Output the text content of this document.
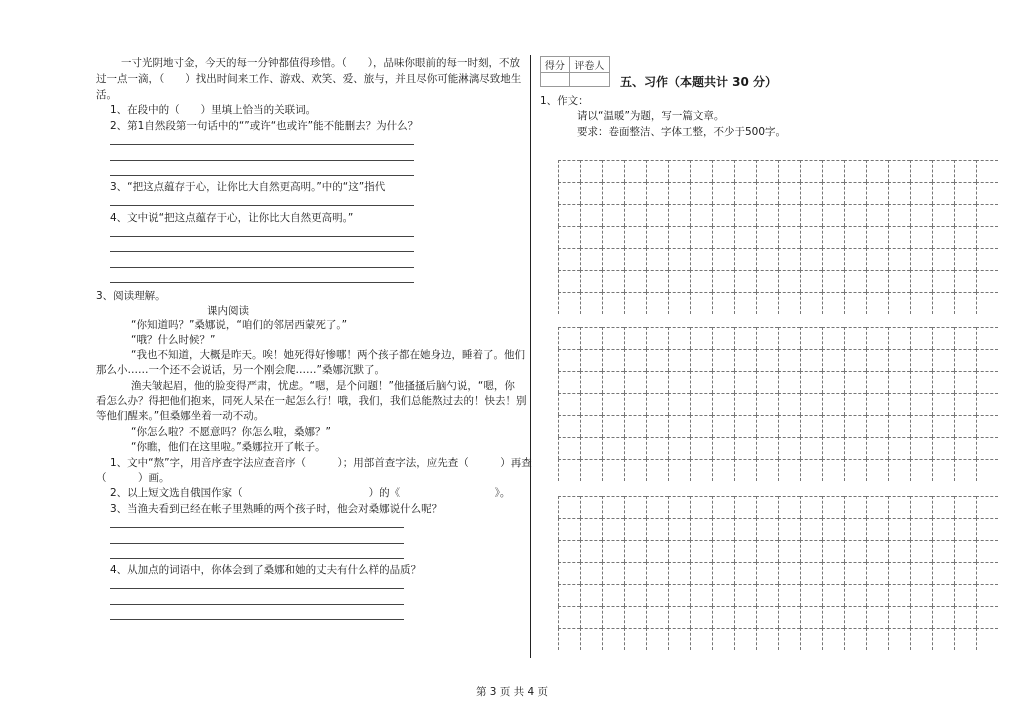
一寸光阴地寸金，今天的每一分钟都值得珍惜。（　　），品味你眼前的每一时刻，不放
过一点一滴，（　　）找出时间来工作、游戏、欢笑、爱、旅与，并且尽你可能淋漓尽致地生
活。
1、在段中的（　　）里填上恰当的关联词。
2、第1自然段第一句话中的“”或许“也或许”能不能删去？为什么？
3、“把这点蕴存于心，让你比大自然更高明。”中的“这”指代
4、文中说“把这点蕴存于心，让你比大自然更高明。”
3、阅读理解。
课内阅读
“你知道吗？”桑娜说，“咱们的邻居西蒙死了。”
“哦？什么时候？”
“我也不知道，大概是昨天。唉！她死得好惨哪！两个孩子都在她身边，睡着了。他们
那么小……一个还不会说话，另一个刚会爬……”桑娜沉默了。
渔夫皱起眉，他的脸变得严肃，忧虑。“嗯，是个问题！”他搔搔后脑勺说，“嗯，你
看怎么办？得把他们抱来，同死人呆在一起怎么行！哦，我们，我们总能熬过去的！快去！别
等他们醒来。”但桑娜坐着一动不动。
“你怎么啦？不愿意吗？你怎么啦，桑娜？”
“你瞧，他们在这里啦。”桑娜拉开了帐子。
1、文中“熬”字，用音序查字法应查音序（　　　）；用部首查字法，应先查（　　　）再查
（　　　）画。
2、以上短文选自俄国作家（　　　　　　　　　　　　）的《　　　　　　　　　》。
3、当渔夫看到已经在帐子里熟睡的两个孩子时，他会对桑娜说什么呢？
4、从加点的词语中，你体会到了桑娜和她的丈夫有什么样的品质？
得分	评卷人

五、习作（本题共计 30 分）
1、作文：
请以“温暖”为题，写一篇文章。
要求：卷面整洁、字体工整，不少于500字。
第 3 页 共 4 页
